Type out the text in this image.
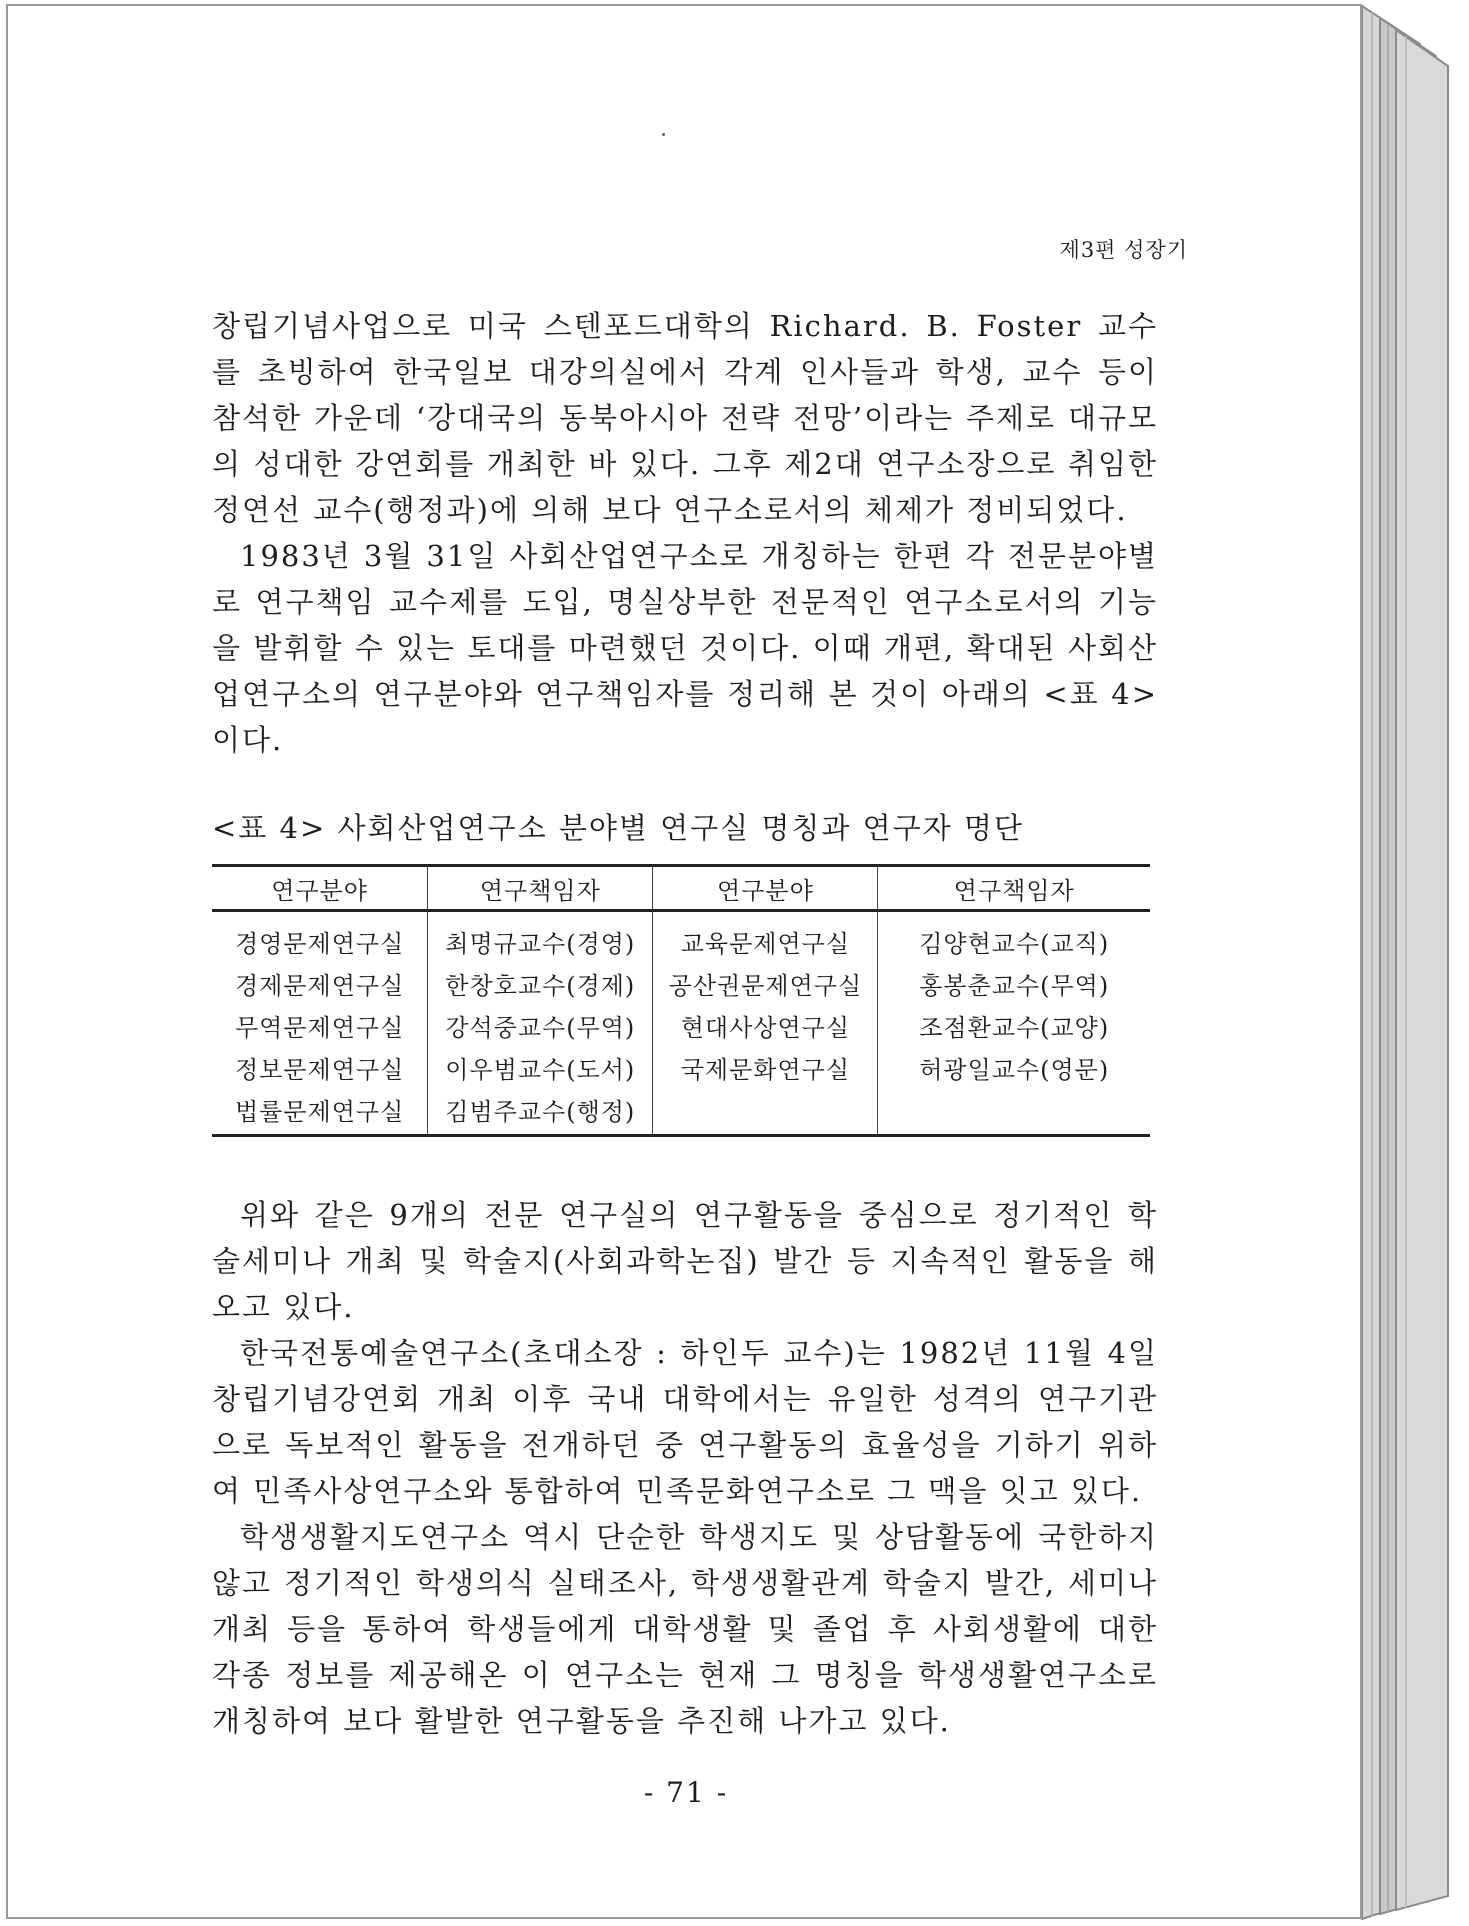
제3편 성장기

창립기념사업으로 미국 스텐포드대학의 Richard. B. Foster 교수를 초빙하여 한국일보 대강의실에서 각계 인사들과 학생, 교수 등이 참석한 가운데 ‘강대국의 동북아시아 전략 전망’이라는 주제로 대규모의 성대한 강연회를 개최한 바 있다. 그후 제2대 연구소장으로 취임한 정연선 교수(행정과)에 의해 보다 연구소로서의 체제가 정비되었다.

1983년 3월 31일 사회산업연구소로 개칭하는 한편 각 전문분야별로 연구책임 교수제를 도입, 명실상부한 전문적인 연구소로서의 기능을 발휘할 수 있는 토대를 마련했던 것이다. 이때 개편, 확대된 사회산업연구소의 연구분야와 연구책임자를 정리해 본 것이 아래의 <표 4>이다.

<표 4> 사회산업연구소 분야별 연구실 명칭과 연구자 명단
연구분야	연구책임자	연구분야	연구책임자
경영문제연구실	최명규교수(경영)	교육문제연구실	김양현교수(교직)
경제문제연구실	한창호교수(경제)	공산권문제연구실	홍봉춘교수(무역)
무역문제연구실	강석중교수(무역)	현대사상연구실	조점환교수(교양)
정보문제연구실	이우범교수(도서)	국제문화연구실	허광일교수(영문)
법률문제연구실	김범주교수(행정)		

위와 같은 9개의 전문 연구실의 연구활동을 중심으로 정기적인 학술세미나 개최 및 학술지(사회과학논집) 발간 등 지속적인 활동을 해오고 있다.

한국전통예술연구소(초대소장 : 하인두 교수)는 1982년 11월 4일 창립기념강연회 개최 이후 국내 대학에서는 유일한 성격의 연구기관으로 독보적인 활동을 전개하던 중 연구활동의 효율성을 기하기 위하여 민족사상연구소와 통합하여 민족문화연구소로 그 맥을 잇고 있다.

학생생활지도연구소 역시 단순한 학생지도 및 상담활동에 국한하지 않고 정기적인 학생의식 실태조사, 학생생활관계 학술지 발간, 세미나 개최 등을 통하여 학생들에게 대학생활 및 졸업 후 사회생활에 대한 각종 정보를 제공해온 이 연구소는 현재 그 명칭을 학생생활연구소로 개칭하여 보다 활발한 연구활동을 추진해 나가고 있다.

- 71 -
